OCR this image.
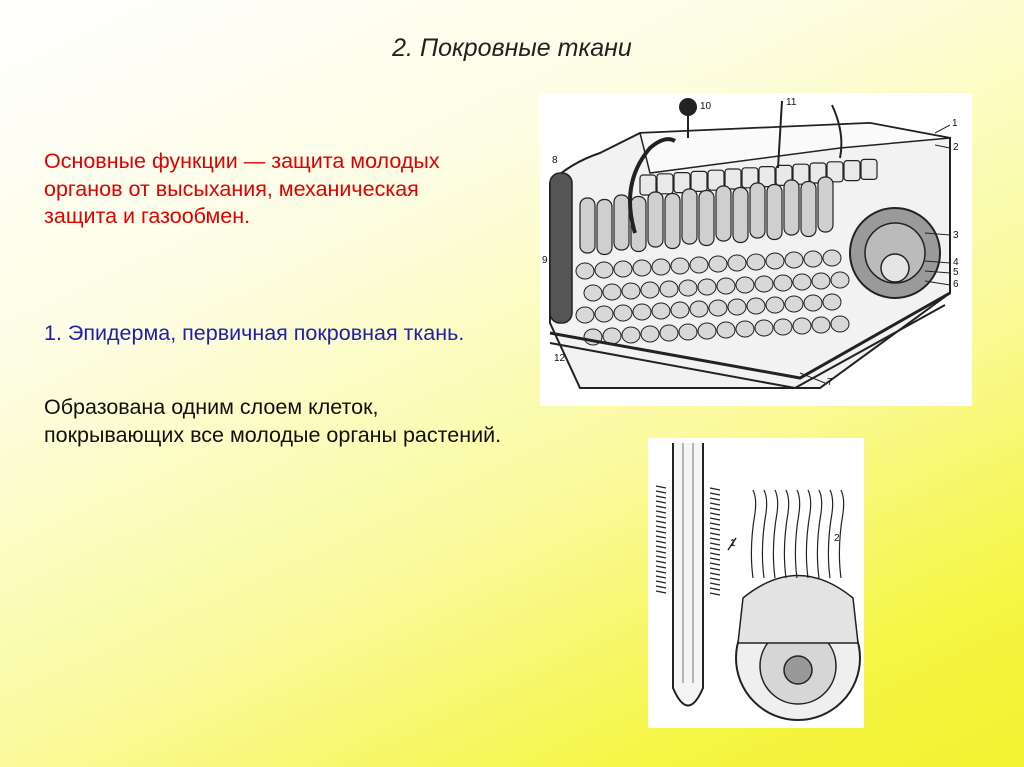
2. Покровные ткани

Основные функции — защита молодых органов от высыхания, механическая защита и газообмен.

1. Эпидерма, первичная покровная ткань.

Образована одним слоем клеток, покрывающих все молодые органы растений.

1
2
3
4
5
6
7
8
9
10	11
12
1	2
